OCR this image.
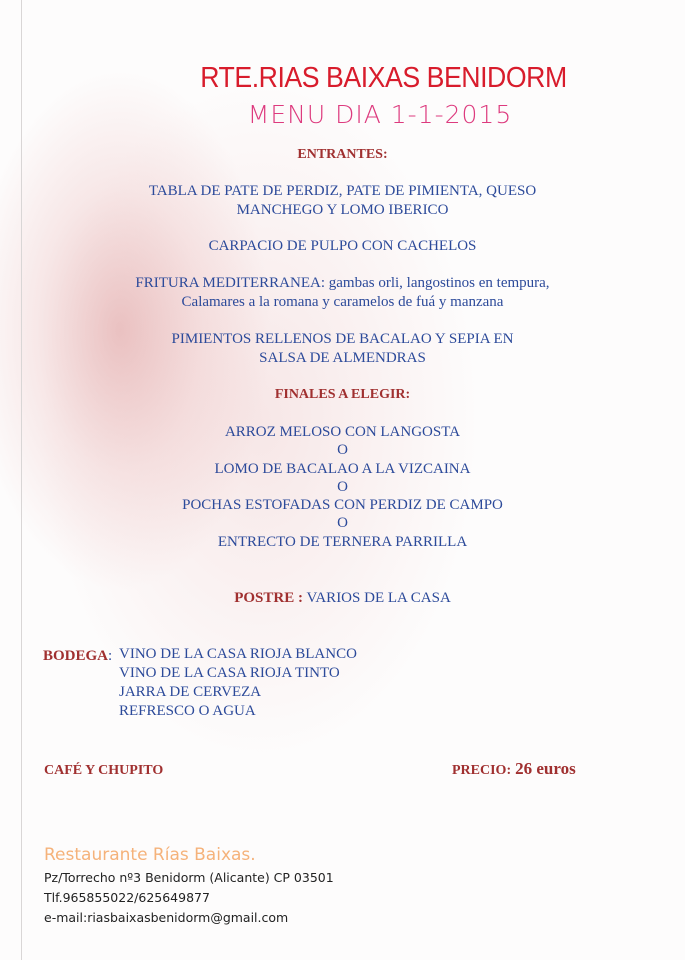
RTE.RIAS BAIXAS BENIDORM
MENU DIA 1-1-2015
ENTRANTES:
TABLA DE PATE DE PERDIZ, PATE DE PIMIENTA, QUESO
MANCHEGO Y LOMO IBERICO
CARPACIO DE PULPO CON CACHELOS
FRITURA MEDITERRANEA: gambas orli, langostinos en tempura,
Calamares a la romana y caramelos de fuá y manzana
PIMIENTOS RELLENOS DE BACALAO Y SEPIA EN
SALSA DE ALMENDRAS
FINALES A ELEGIR:
ARROZ MELOSO CON LANGOSTA
O
LOMO DE BACALAO A LA VIZCAINA
O
POCHAS ESTOFADAS CON PERDIZ DE CAMPO
O
ENTRECTO DE TERNERA PARRILLA
POSTRE : VARIOS DE LA CASA
BODEGA: VINO DE LA CASA RIOJA BLANCO
VINO DE LA CASA RIOJA TINTO
JARRA DE CERVEZA
REFRESCO O AGUA
CAFÉ Y CHUPITO	PRECIO: 26 euros
Restaurante Rías Baixas.
Pz/Torrecho nº3 Benidorm (Alicante) CP 03501
Tlf.965855022/625649877
e-mail:riasbaixasbenidorm@gmail.com
